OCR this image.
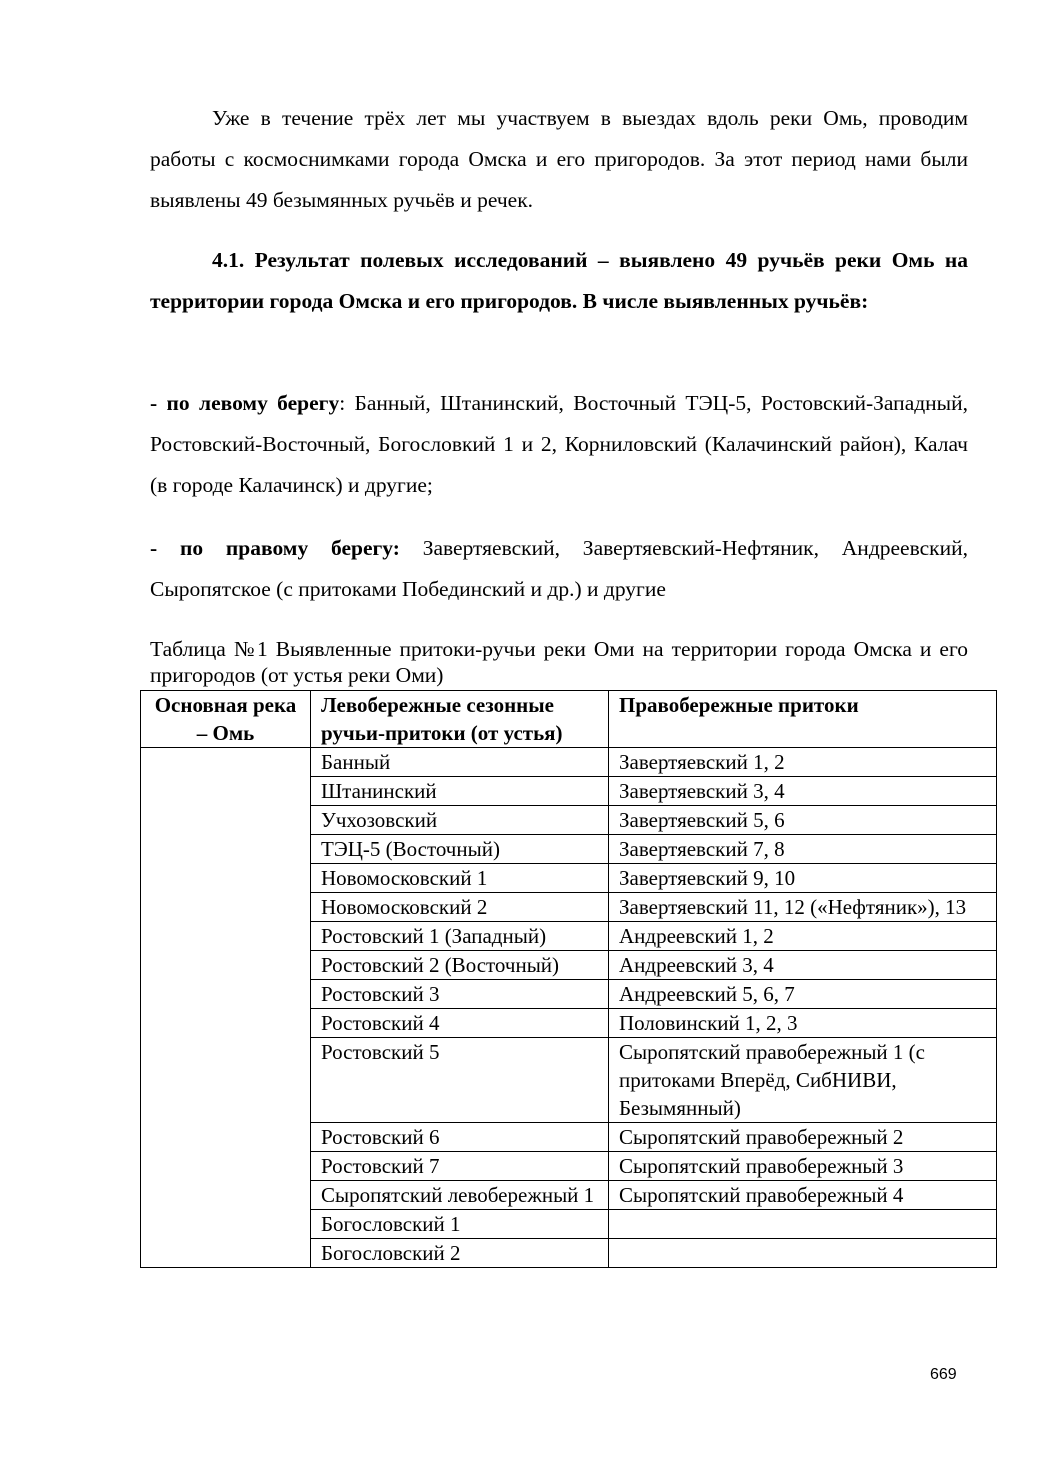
Уже в течение трёх лет мы участвуем в выездах вдоль реки Омь, проводим работы с космоснимками города Омска и его пригородов. За этот период нами были выявлены 49 безымянных ручьёв и речек.

4.1. Результат полевых исследований – выявлено 49 ручьёв реки Омь на территории города Омска и его пригородов. В числе выявленных ручьёв:

- по левому берегу: Банный, Штанинский, Восточный ТЭЦ-5, Ростовский-Западный, Ростовский-Восточный, Богословкий 1 и 2, Корниловский (Калачинский район), Калач (в городе Калачинск) и другие;

- по правому берегу: Завертяевский, Завертяевский-Нефтяник, Андреевский, Сыропятское (с притоками Побединский и др.) и другие

Таблица №1 Выявленные притоки-ручьи реки Оми на территории города Омска и его пригородов (от устья реки Оми)

Основная река – Омь	Левобережные сезонные ручьи-притоки (от устья)	Правобережные притоки
	Банный	Завертяевский 1, 2
	Штанинский	Завертяевский 3, 4
	Учхозовский	Завертяевский 5, 6
	ТЭЦ-5 (Восточный)	Завертяевский 7, 8
	Новомосковский 1	Завертяевский 9, 10
	Новомосковский 2	Завертяевский 11, 12 («Нефтяник»), 13
	Ростовский 1 (Западный)	Андреевский 1, 2
	Ростовский 2 (Восточный)	Андреевский 3, 4
	Ростовский 3	Андреевский 5, 6, 7
	Ростовский 4	Половинский 1, 2, 3
	Ростовский 5	Сыропятский правобережный 1 (с притоками Вперёд, СибНИВИ, Безымянный)
	Ростовский 6	Сыропятский правобережный 2
	Ростовский 7	Сыропятский правобережный 3
	Сыропятский левобережный 1	Сыропятский правобережный 4
	Богословский 1	
	Богословский 2	
669
